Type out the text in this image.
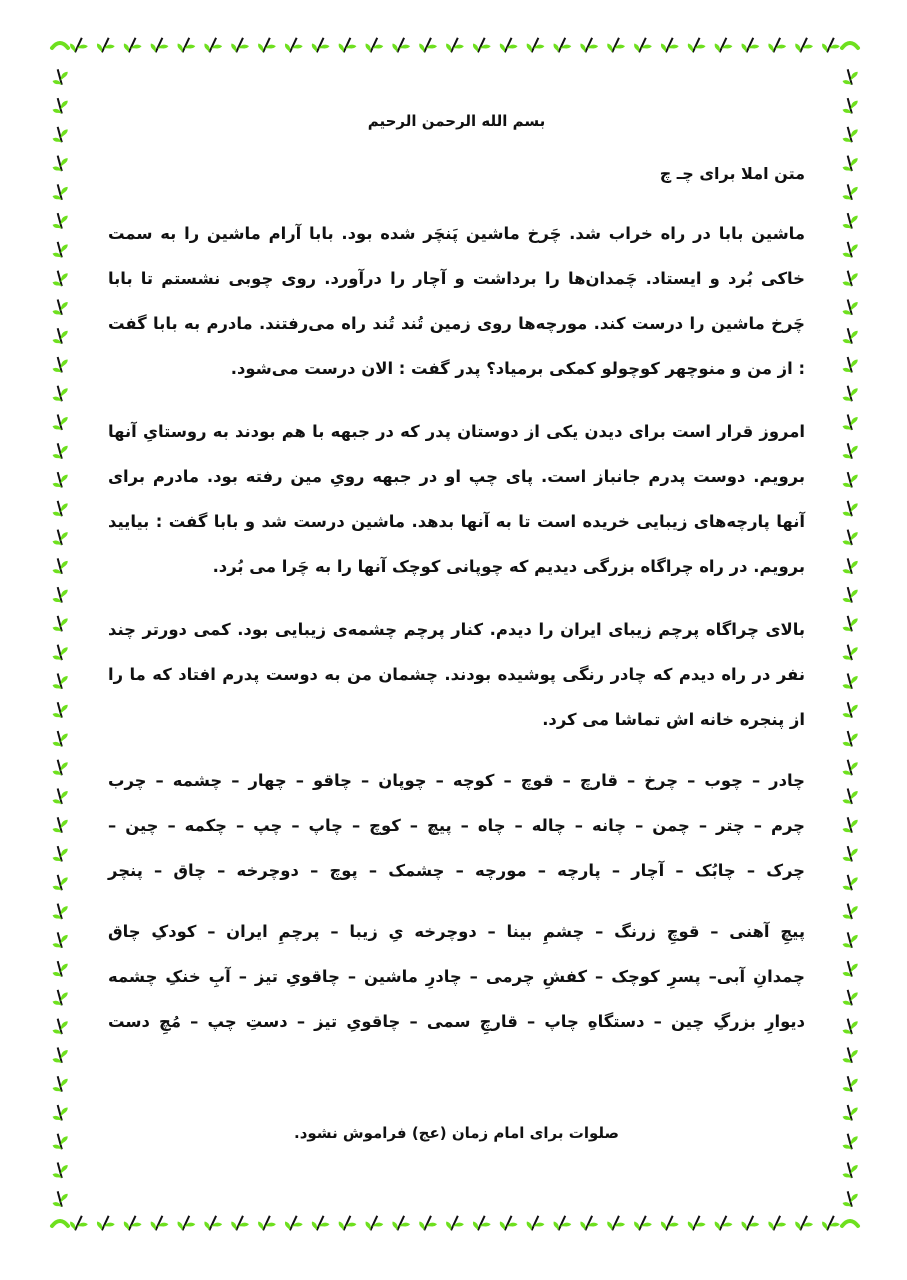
بسم الله الرحمن الرحیم
متن املا برای چـ چ
ماشین بابا در راه خراب شد. چَرخ ماشین پَنچَر شده بود. بابا آرام ماشین را به سمت خاکی بُرد و ایستاد. چَمدان‌ها را برداشت و آچار را درآورد. روی چوبی نشستم تا بابا چَرخ ماشین را درست کند. مورچه‌ها روی زمین تُند تُند راه می‌رفتند. مادرم به بابا گفت : از من و منوچهر کوچولو کمکی برمیاد؟ پدر گفت : الان درست می‌شود.
امروز قرار است برای دیدن یکی از دوستان پدر که در جبهه با هم بودند به روستایِ آنها برویم. دوست پدرم جانباز است. پای چپ او در جبهه رویِ مین رفته بود. مادرم برای آنها پارچه‌های زیبایی خریده است تا به آنها بدهد. ماشین درست شد و بابا گفت : بیایید برویم. در راه چراگاه بزرگی دیدیم که چوپانی کوچک آنها را به چَرا می بُرد.
بالای چراگاه پرچم زیبای ایران را دیدم. کنار پرچم چشمه‌ی زیبایی بود. کمی دورتر چند نفر در راه دیدم که چادر رنگی پوشیده بودند. چشمان من به دوست پدرم افتاد که ما را از پنجره خانه اش تماشا می کرد.
چادر – چوب – چرخ – قارچ – قوچ – کوچه – چوپان – چاقو – چهار – چشمه – چرب
چرم – چتر – چمن – چانه – چاله – چاه – پیچ – کوچ – چاپ – چپ – چکمه – چین –
چرک – چابُک – آچار – پارچه – مورچه – چشمک – پوچ – دوچرخه – چاق – پنچر
پیچِ آهنی – قوچِ زرنگ – چشمِ بینا – دوچرخه یِ زیبا – پرچمِ ایران – کودکِ چاق
چمدانِ آبی– پسرِ کوچک – کفشِ چرمی – چادرِ ماشین – چاقویِ تیز – آبِ خنکِ چشمه
دیوارِ بزرگِ چین – دستگاهِ چاپ – قارچِ سمی – چاقویِ تیز – دستِ چپ – مُچِ دست
صلوات برای امام زمان (عج) فراموش نشود.
